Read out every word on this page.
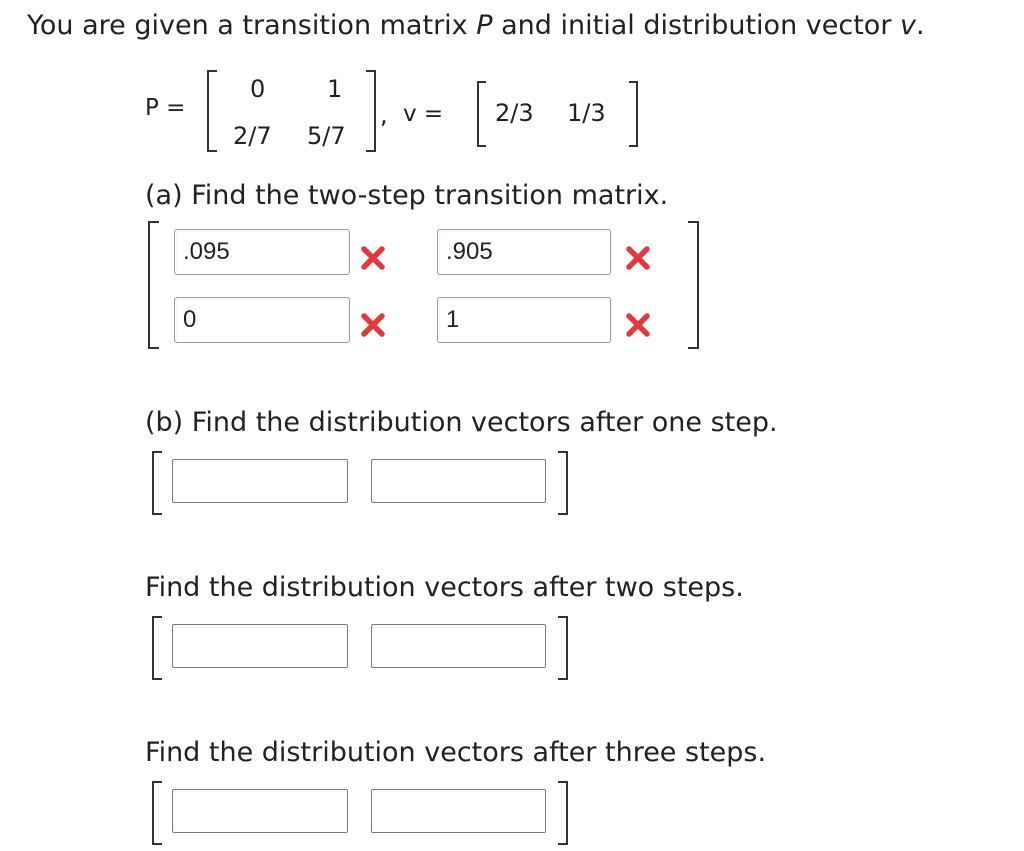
You are given a transition matrix P and initial distribution vector v.
P =
0	1
2/7 5/7
, v = 2/3 1/3
(a) Find the two-step transition matrix.
.095
.905
0
1
(b) Find the distribution vectors after one step.
Find the distribution vectors after two steps.
Find the distribution vectors after three steps.
